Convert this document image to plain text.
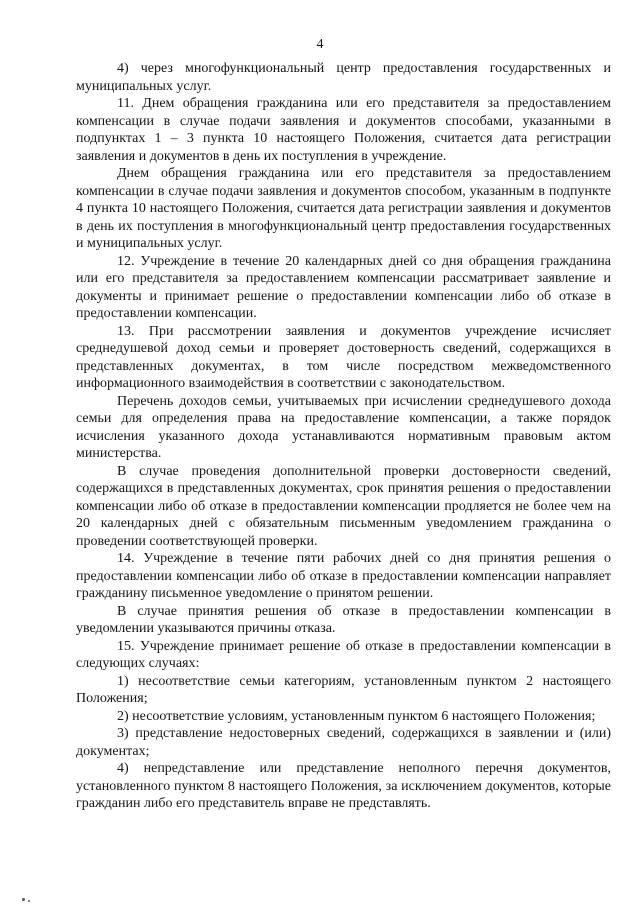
4

4) через многофункциональный центр предоставления государственных и муниципальных услуг.

11. Днем обращения гражданина или его представителя за предоставлением компенсации в случае подачи заявления и документов способами, указанными в подпунктах 1 – 3 пункта 10 настоящего Положения, считается дата регистрации заявления и документов в день их поступления в учреждение.

Днем обращения гражданина или его представителя за предоставлением компенсации в случае подачи заявления и документов способом, указанным в подпункте 4 пункта 10 настоящего Положения, считается дата регистрации заявления и документов в день их поступления в многофункциональный центр предоставления государственных и муниципальных услуг.

12. Учреждение в течение 20 календарных дней со дня обращения гражданина или его представителя за предоставлением компенсации рассматривает заявление и документы и принимает решение о предоставлении компенсации либо об отказе в предоставлении компенсации.

13. При рассмотрении заявления и документов учреждение исчисляет среднедушевой доход семьи и проверяет достоверность сведений, содержащихся в представленных документах, в том числе посредством межведомственного информационного взаимодействия в соответствии с законодательством.

Перечень доходов семьи, учитываемых при исчислении среднедушевого дохода семьи для определения права на предоставление компенсации, а также порядок исчисления указанного дохода устанавливаются нормативным правовым актом министерства.

В случае проведения дополнительной проверки достоверности сведений, содержащихся в представленных документах, срок принятия решения о предоставлении компенсации либо об отказе в предоставлении компенсации продляется не более чем на 20 календарных дней с обязательным письменным уведомлением гражданина о проведении соответствующей проверки.

14. Учреждение в течение пяти рабочих дней со дня принятия решения о предоставлении компенсации либо об отказе в предоставлении компенсации направляет гражданину письменное уведомление о принятом решении.

В случае принятия решения об отказе в предоставлении компенсации в уведомлении указываются причины отказа.

15. Учреждение принимает решение об отказе в предоставлении компенсации в следующих случаях:

1) несоответствие семьи категориям, установленным пунктом 2 настоящего Положения;

2) несоответствие условиям, установленным пунктом 6 настоящего Положения;

3) представление недостоверных сведений, содержащихся в заявлении и (или) документах;

4) непредставление или представление неполного перечня документов, установленного пунктом 8 настоящего Положения, за исключением документов, которые гражданин либо его представитель вправе не представлять.
